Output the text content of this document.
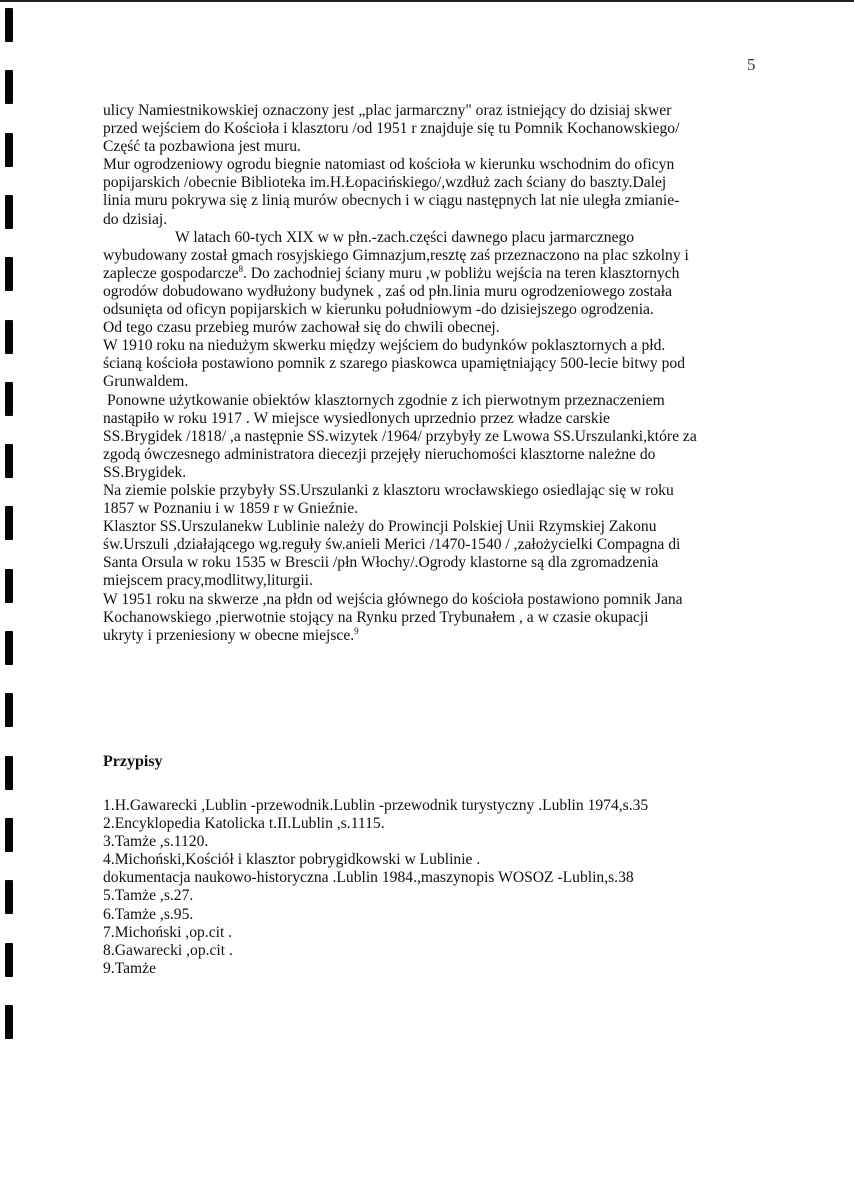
5
ulicy Namiestnikowskiej oznaczony jest „plac jarmarczny" oraz istniejący do dzisiaj skwer
przed wejściem do Kościoła i klasztoru /od 1951 r znajduje się tu Pomnik Kochanowskiego/
Część ta pozbawiona jest muru.
Mur ogrodzeniowy ogrodu biegnie natomiast od kościoła w kierunku wschodnim do oficyn
popijarskich /obecnie Biblioteka im.H.Łopacińskiego/,wzdłuż zach ściany do baszty.Dalej
linia muru pokrywa się z linią murów obecnych i w ciągu następnych lat nie uległa zmianie-
do dzisiaj.
W latach 60-tych XIX w w płn.-zach.części dawnego placu jarmarcznego
wybudowany został gmach rosyjskiego Gimnazjum,resztę zaś przeznaczono na plac szkolny i
zaplecze gospodarcze$^8$. Do zachodniej ściany muru ,w pobliżu wejścia na teren klasztornych
ogrodów dobudowano wydłużony budynek , zaś od płn.linia muru ogrodzeniowego została
odsunięta od oficyn popijarskich w kierunku południowym -do dzisiejszego ogrodzenia.
Od tego czasu przebieg murów zachował się do chwili obecnej.
W 1910 roku na niedużym skwerku między wejściem do budynków poklasztornych a płd.
ścianą kościoła postawiono pomnik z szarego piaskowca upamiętniający 500-lecie bitwy pod
Grunwaldem.
Ponowne użytkowanie obiektów klasztornych zgodnie z ich pierwotnym przeznaczeniem
nastąpiło w roku 1917 . W miejsce wysiedlonych uprzednio przez władze carskie
SS.Brygidek /1818/ ,a następnie SS.wizytek /1964/ przybyły ze Lwowa SS.Urszulanki,które za
zgodą ówczesnego administratora diecezji przejęły nieruchomości klasztorne należne do
SS.Brygidek.
Na ziemie polskie przybyły SS.Urszulanki z klasztoru wrocławskiego osiedlając się w roku
1857 w Poznaniu i w 1859 r w Gnieźnie.
Klasztor SS.Urszulanekw Lublinie należy do Prowincji Polskiej Unii Rzymskiej Zakonu
św.Urszuli ,działającego wg.reguły św.anieli Merici /1470-1540 / ,założycielki Compagna di
Santa Orsula w roku 1535 w Brescii /płn Włochy/.Ogrody klastorne są dla zgromadzenia
miejscem pracy,modlitwy,liturgii.
W 1951 roku na skwerze ,na płdn od wejścia głównego do kościoła postawiono pomnik Jana
Kochanowskiego ,pierwotnie stojący na Rynku przed Trybunałem , a w czasie okupacji
ukryty i przeniesiony w obecne miejsce.$^9$
Przypisy
1.H.Gawarecki ,Lublin -przewodnik.Lublin -przewodnik turystyczny .Lublin 1974,s.35
2.Encyklopedia Katolicka t.II.Lublin ,s.1115.
3.Tamże ,s.1120.
4.Michoński,Kościół i klasztor pobrygidkowski w Lublinie .
dokumentacja naukowo-historyczna .Lublin 1984.,maszynopis WOSOZ -Lublin,s.38
5.Tamże ,s.27.
6.Tamże ,s.95.
7.Michoński ,op.cit .
8.Gawarecki ,op.cit .
9.Tamże
